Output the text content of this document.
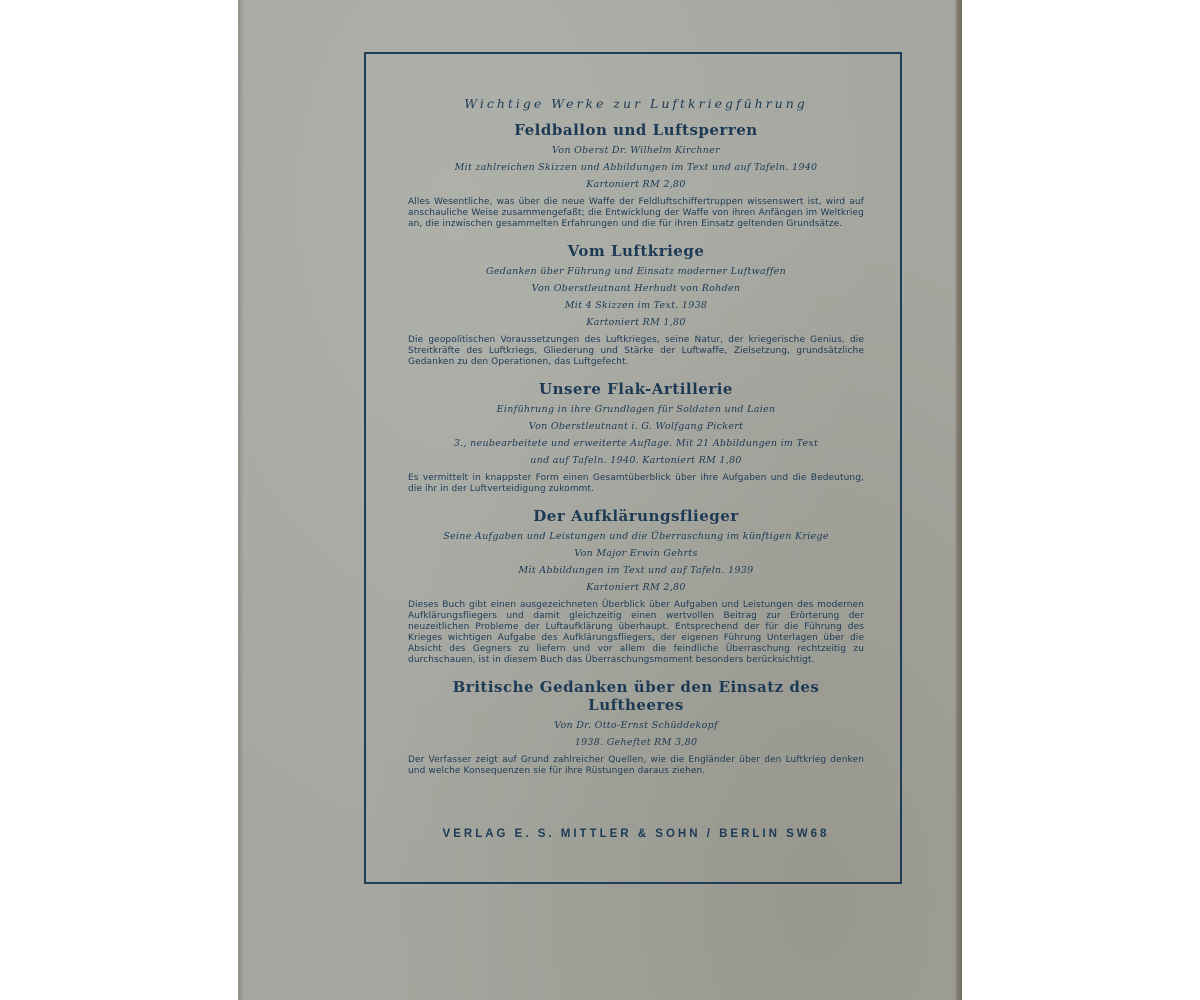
Wichtige Werke zur Luftkriegführung
Feldballon und Luftsperren
Von Oberst Dr. Wilhelm Kirchner
Mit zahlreichen Skizzen und Abbildungen im Text und auf Tafeln. 1940
Kartoniert RM 2,80
Alles Wesentliche, was über die neue Waffe der Feldluftschiffertruppen wissenswert ist, wird auf anschauliche Weise zusammengefaßt; die Entwicklung der Waffe von ihren Anfängen im Weltkrieg an, die inzwischen gesammelten Erfahrungen und die für ihren Einsatz geltenden Grundsätze.
Vom Luftkriege
Gedanken über Führung und Einsatz moderner Luftwaffen
Von Oberstleutnant Herhudt von Rohden
Mit 4 Skizzen im Text. 1938
Kartoniert RM 1,80
Die geopolitischen Voraussetzungen des Luftkrieges, seine Natur, der kriegerische Genius, die Streitkräfte des Luftkriegs, Gliederung und Stärke der Luftwaffe, Zielsetzung, grundsätzliche Gedanken zu den Operationen, das Luftgefecht.
Unsere Flak-Artillerie
Einführung in ihre Grundlagen für Soldaten und Laien
Von Oberstleutnant i. G. Wolfgang Pickert
3., neubearbeitete und erweiterte Auflage. Mit 21 Abbildungen im Text
und auf Tafeln. 1940. Kartoniert RM 1,80
Es vermittelt in knappster Form einen Gesamtüberblick über ihre Aufgaben und die Bedeutung, die ihr in der Luftverteidigung zukommt.
Der Aufklärungsflieger
Seine Aufgaben und Leistungen und die Überraschung im künftigen Kriege
Von Major Erwin Gehrts
Mit Abbildungen im Text und auf Tafeln. 1939
Kartoniert RM 2,80
Dieses Buch gibt einen ausgezeichneten Überblick über Aufgaben und Leistungen des modernen Aufklärungsfliegers und damit gleichzeitig einen wertvollen Beitrag zur Erörterung der neuzeitlichen Probleme der Luftaufklärung überhaupt. Entsprechend der für die Führung des Krieges wichtigen Aufgabe des Aufklärungsfliegers, der eigenen Führung Unterlagen über die Absicht des Gegners zu liefern und vor allem die feindliche Überraschung rechtzeitig zu durchschauen, ist in diesem Buch das Überraschungsmoment besonders berücksichtigt.
Britische Gedanken über den Einsatz des Luftheeres
Von Dr. Otto-Ernst Schüddekopf
1938. Geheftet RM 3,80
Der Verfasser zeigt auf Grund zahlreicher Quellen, wie die Engländer über den Luftkrieg denken und welche Konsequenzen sie für ihre Rüstungen daraus ziehen.
VERLAG E. S. MITTLER & SOHN / BERLIN SW68
